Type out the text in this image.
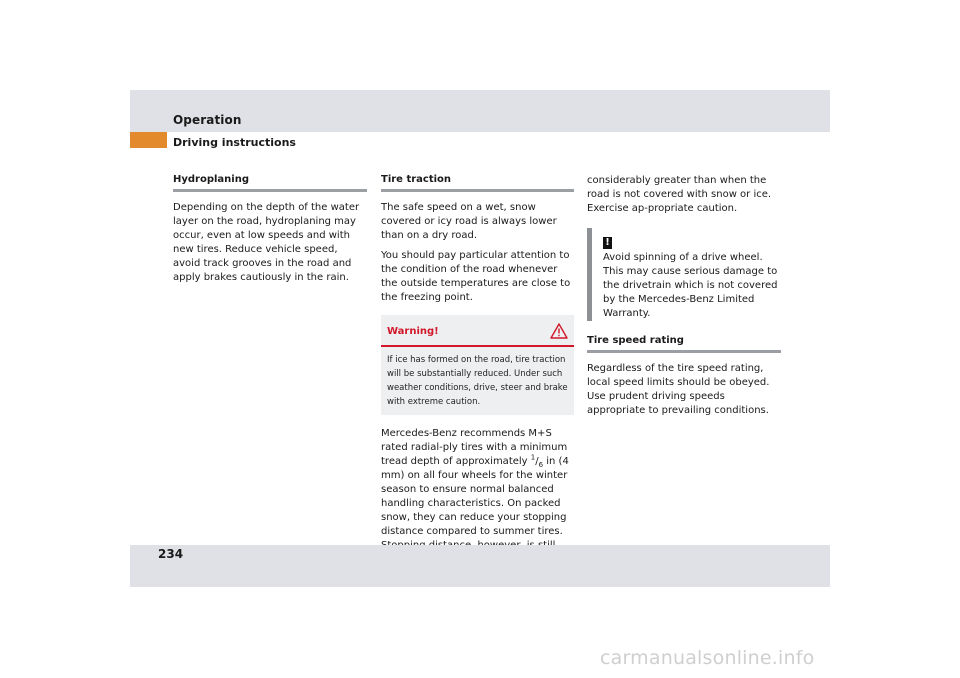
Operation
Driving instructions
Hydroplaning

Depending on the depth of the water layer on the road, hydroplaning may occur, even at low speeds and with new tires. Reduce vehicle speed, avoid track grooves in the road and apply brakes cautiously in the rain.

Tire traction

The safe speed on a wet, snow covered or icy road is always lower than on a dry road.

You should pay particular attention to the condition of the road whenever the outside temperatures are close to the freezing point.

Warning!
If ice has formed on the road, tire traction will be substantially reduced. Under such weather conditions, drive, steer and brake with extreme caution.

Mercedes-Benz recommends M+S rated radial-ply tires with a minimum tread depth of approximately $^1/_6$ in (4 mm) on all four wheels for the winter season to ensure normal balanced handling characteristics. On packed snow, they can reduce your stopping distance compared to summer tires.

considerably greater than when the road is not covered with snow or ice. Exercise ap-propriate caution.

!

Avoid spinning of a drive wheel. This may cause serious damage to the drivetrain which is not covered by the Mercedes-Benz Limited Warranty.

Tire speed rating

Regardless of the tire speed rating, local speed limits should be obeyed. Use prudent driving speeds appropriate to prevailing conditions.

234
carmanualsonline.info
